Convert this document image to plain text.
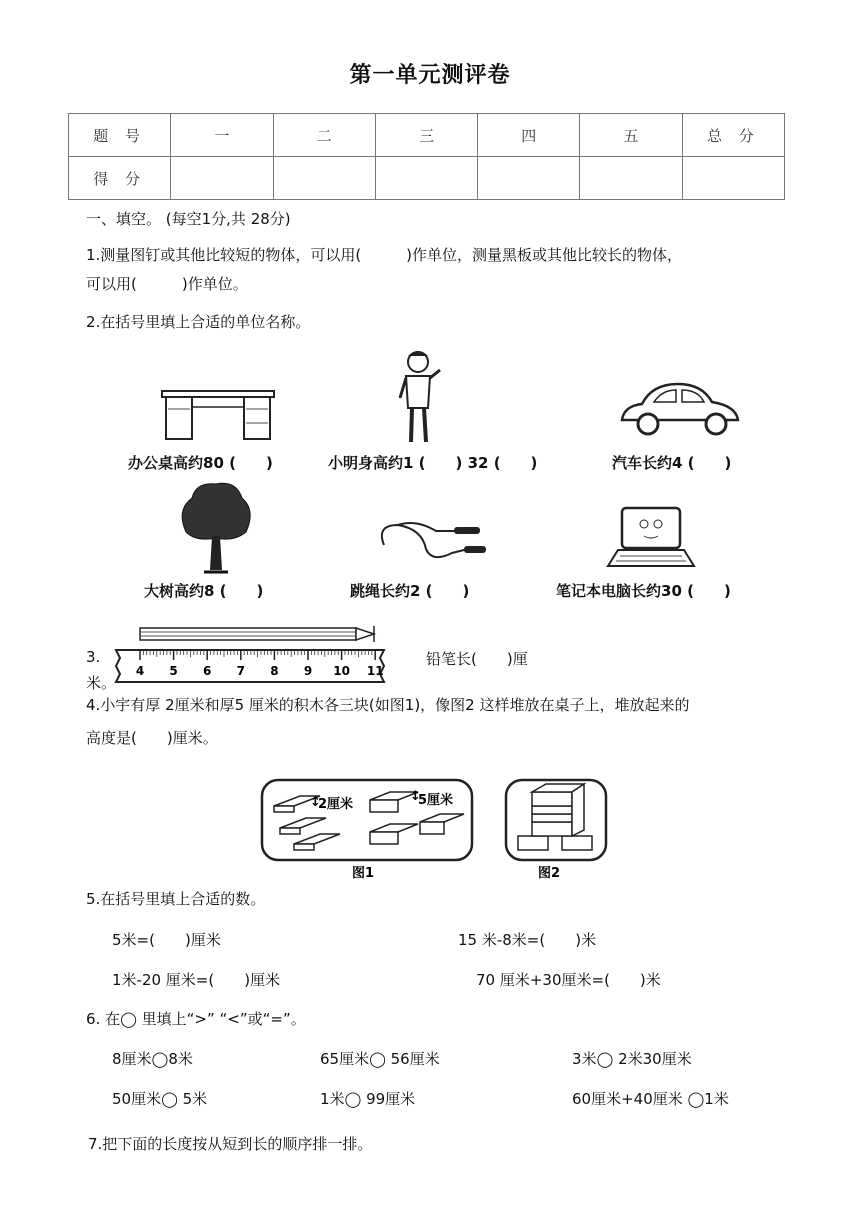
第一单元测评卷
题 号	一	二	三	四	五	总 分
得 分						
一、填空。 (每空1分,共 28分)
1.测量图钉或其他比较短的物体，可以用(　　　)作单位，测量黑板或其他比较长的物体，
可以用(　　　)作单位。
2.在括号里填上合适的单位名称。
办公桌高约80 (　　)	小明身高约1 (　　) 32 (　　)	汽车长约4 (　　)
大树高约8 (　　)	跳绳长约2 (　　)	笔记本电脑长约30 (　　)
3.
米。
4 5 6 7 8 9 10 11
铅笔长(　　)厘
4.小宇有厚 2厘米和厚5 厘米的积木各三块(如图1)，像图2 这样堆放在桌子上，堆放起来的
高度是(　　)厘米。
↕	↕
2厘米	5厘米
图1	图2
5.在括号里填上合适的数。
5米=(　　)厘米	15 米-8米=(　　)米
1米-20 厘米=(　　)厘米	70 厘米+30厘米=(　　)米
6. 在◯ 里填上“>” “<”或“=”。
8厘米◯8米	65厘米◯ 56厘米	3米◯ 2米30厘米
50厘米◯ 5米	1米◯ 99厘米	60厘米+40厘米 ◯1米
7.把下面的长度按从短到长的顺序排一排。
